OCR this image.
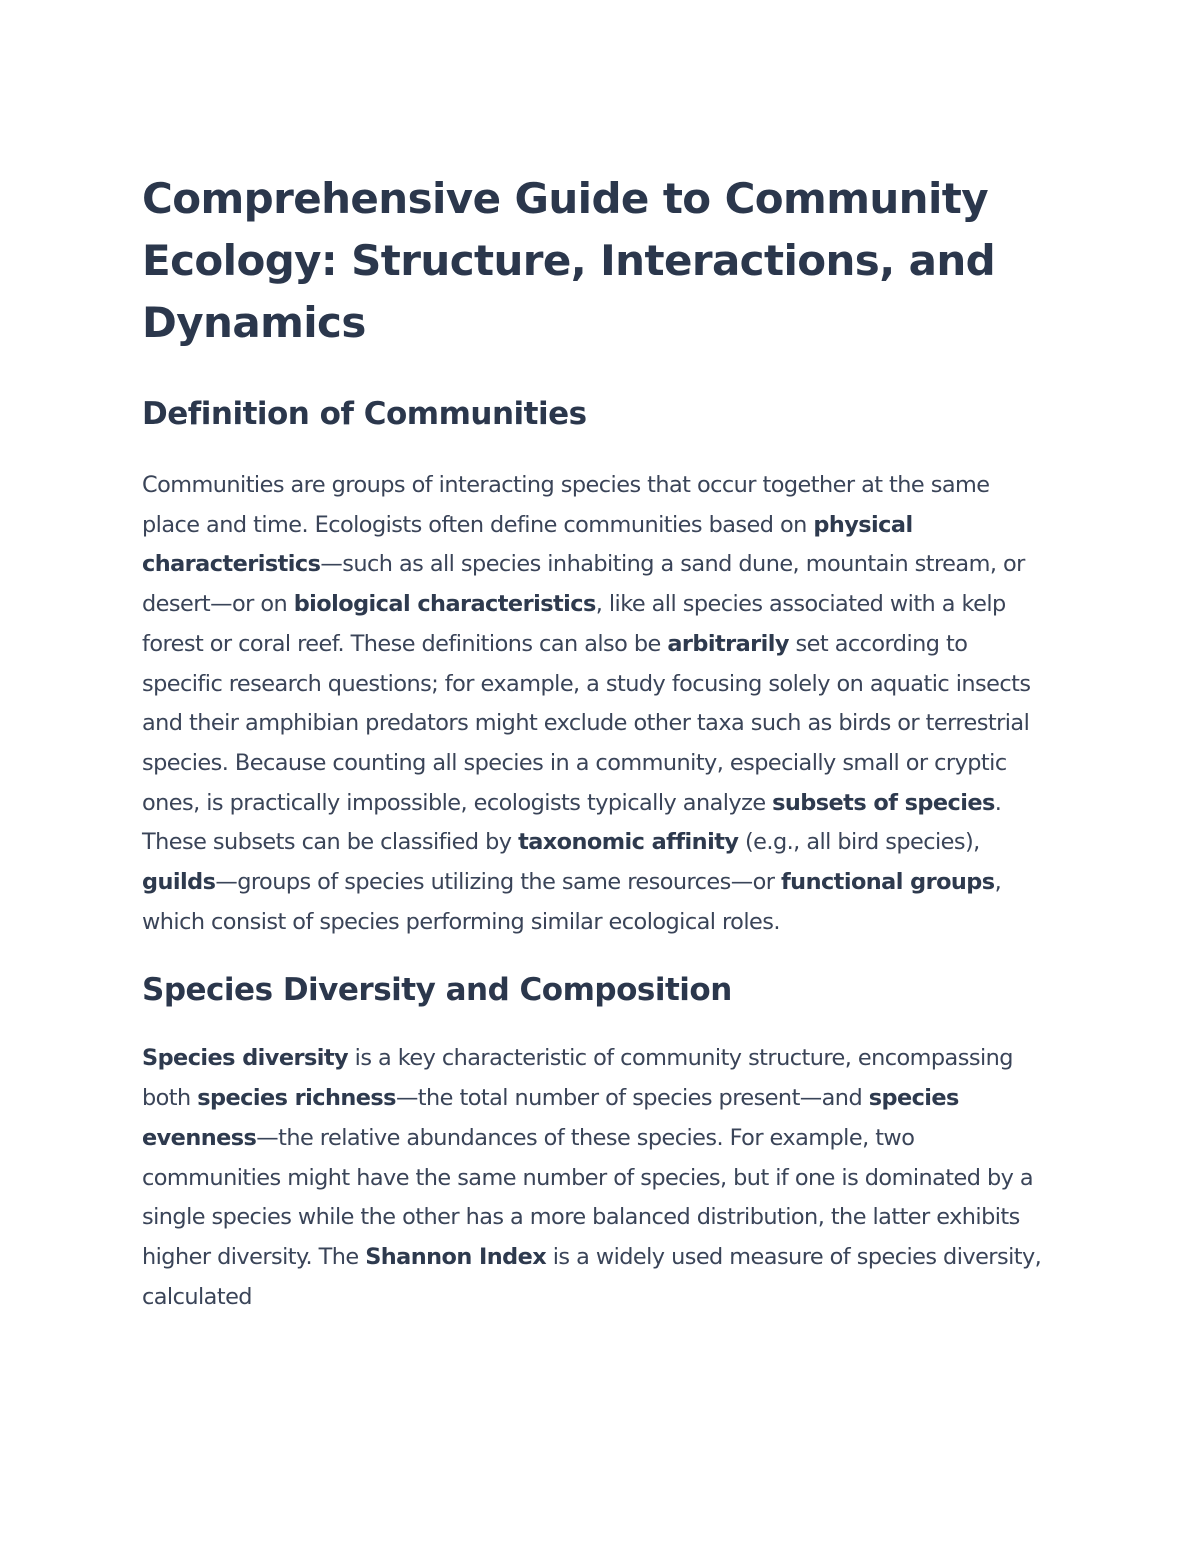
Comprehensive Guide to Community Ecology: Structure, Interactions, and Dynamics
Definition of Communities

Communities are groups of interacting species that occur together at the same place and time. Ecologists often define communities based on physical characteristics—such as all species inhabiting a sand dune, mountain stream, or desert—or on biological characteristics, like all species associated with a kelp forest or coral reef. These definitions can also be arbitrarily set according to specific research questions; for example, a study focusing solely on aquatic insects and their amphibian predators might exclude other taxa such as birds or terrestrial species. Because counting all species in a community, especially small or cryptic ones, is practically impossible, ecologists typically analyze subsets of species. These subsets can be classified by taxonomic affinity (e.g., all bird species), guilds—groups of species utilizing the same resources—or functional groups, which consist of species performing similar ecological roles.

Species Diversity and Composition

Species diversity is a key characteristic of community structure, encompassing both species richness—the total number of species present—and species evenness—the relative abundances of these species. For example, two communities might have the same number of species, but if one is dominated by a single species while the other has a more balanced distribution, the latter exhibits higher diversity. The Shannon Index is a widely used measure of species diversity, calculated
